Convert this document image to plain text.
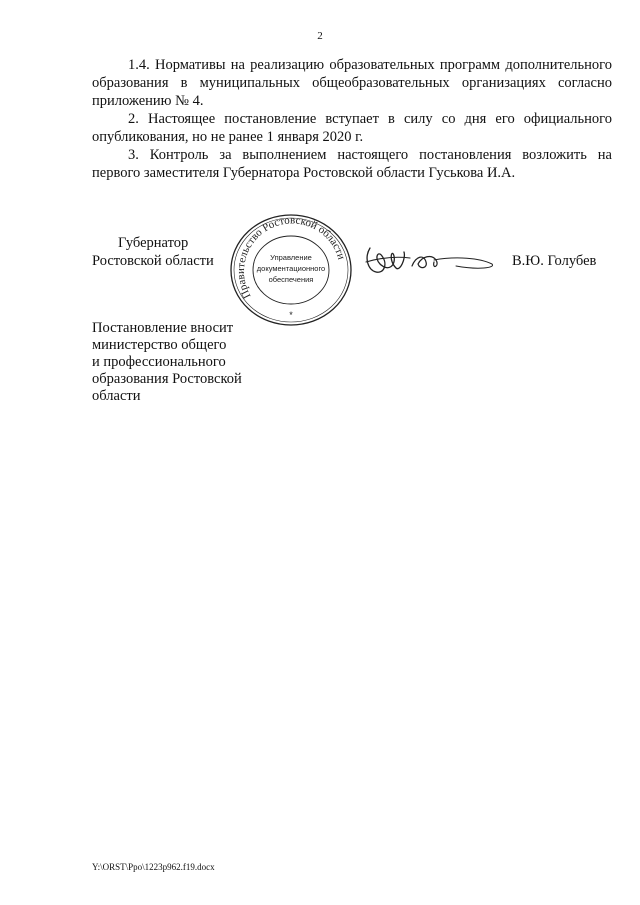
2

1.4. Нормативы на реализацию образовательных программ дополнительного образования в муниципальных общеобразовательных организациях согласно приложению № 4.

2. Настоящее постановление вступает в силу со дня его официального опубликования, но не ранее 1 января 2020 г.

3. Контроль за выполнением настоящего постановления возложить на первого заместителя Губернатора Ростовской области Гуськова И.А.

Губернатор
Ростовской области
Правительство Ростовской области
Управление
документационного
обеспечения
*
В.Ю. Голубев
Постановление вносит
министерство общего
и профессионального
образования Ростовской
области
Y:\ORST\Ppo\1223p962.f19.docx
